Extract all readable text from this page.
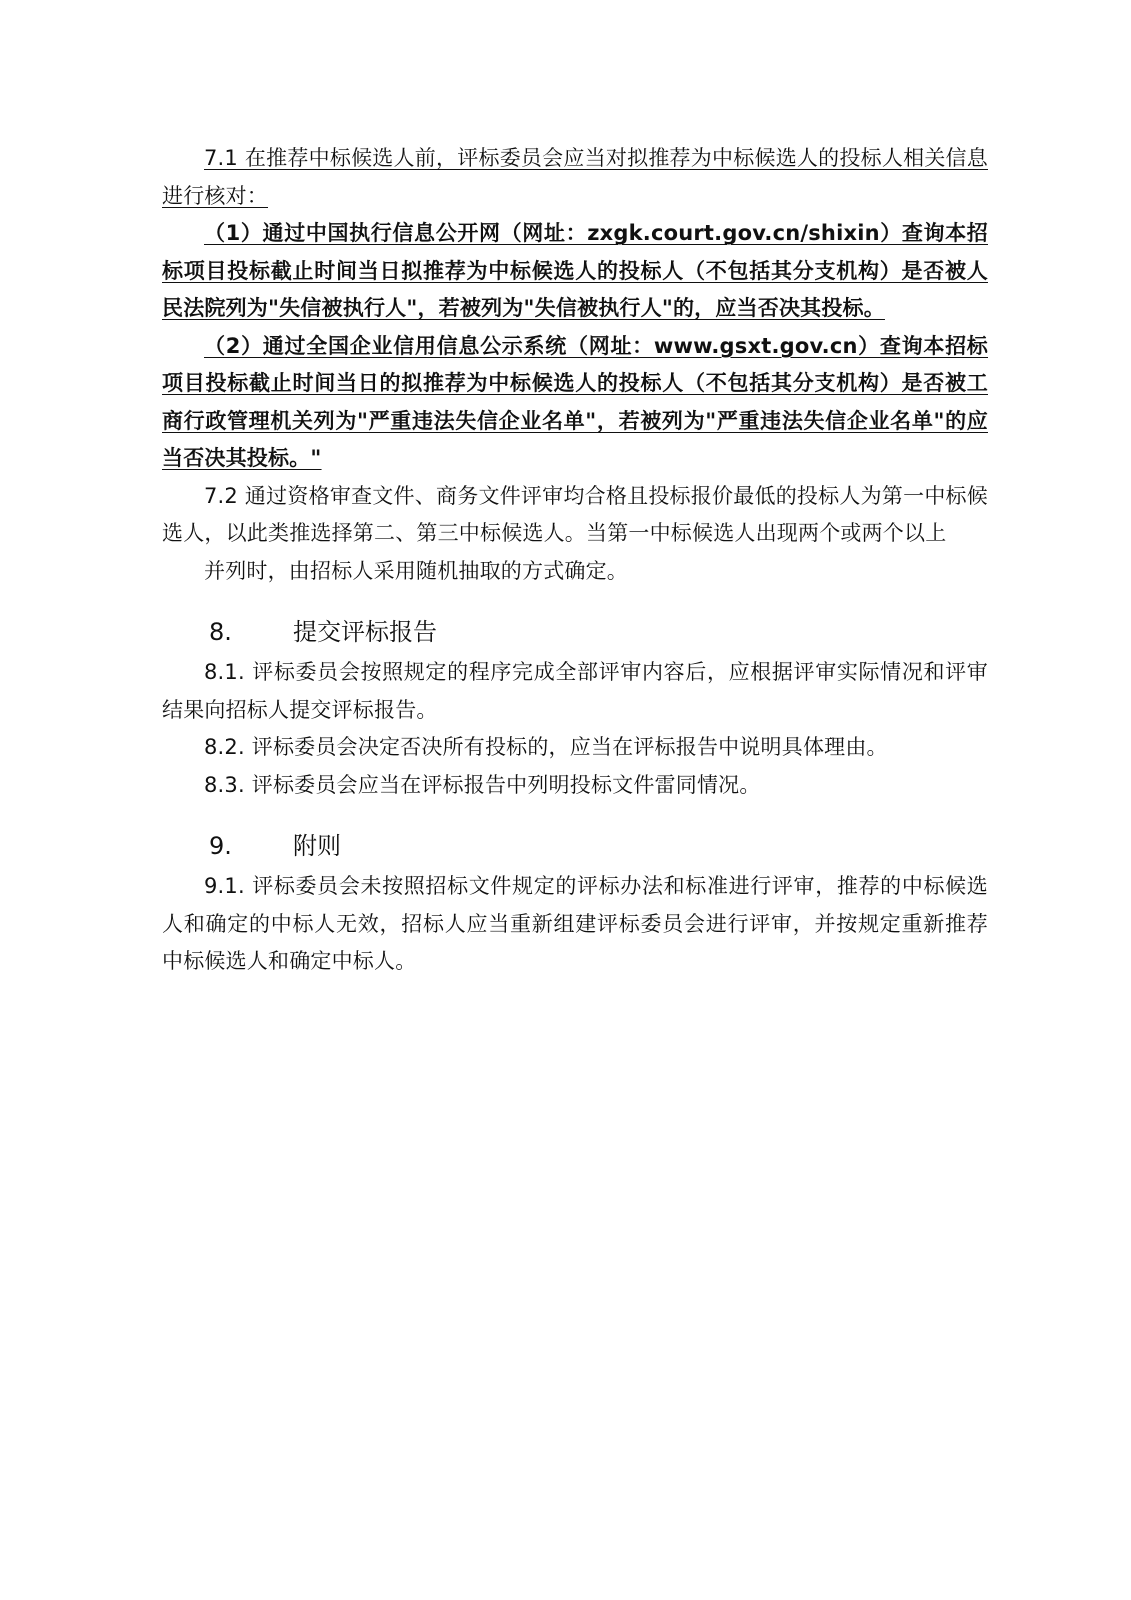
7.1 在推荐中标候选人前，评标委员会应当对拟推荐为中标候选人的投标人相关信息进行核对：

（1）通过中国执行信息公开网（网址：zxgk.court.gov.cn/shixin）查询本招标项目投标截止时间当日拟推荐为中标候选人的投标人（不包括其分支机构）是否被人民法院列为"失信被执行人"，若被列为"失信被执行人"的，应当否决其投标。

（2）通过全国企业信用信息公示系统（网址：www.gsxt.gov.cn）查询本招标项目投标截止时间当日的拟推荐为中标候选人的投标人（不包括其分支机构）是否被工商行政管理机关列为"严重违法失信企业名单"，若被列为"严重违法失信企业名单"的应当否决其投标。"

7.2 通过资格审查文件、商务文件评审均合格且投标报价最低的投标人为第一中标候选人，以此类推选择第二、第三中标候选人。当第一中标候选人出现两个或两个以上

并列时，由招标人采用随机抽取的方式确定。

8.	提交评标报告

8.1. 评标委员会按照规定的程序完成全部评审内容后，应根据评审实际情况和评审结果向招标人提交评标报告。

8.2. 评标委员会决定否决所有投标的，应当在评标报告中说明具体理由。

8.3. 评标委员会应当在评标报告中列明投标文件雷同情况。

9.	附则

9.1. 评标委员会未按照招标文件规定的评标办法和标准进行评审，推荐的中标候选人和确定的中标人无效，招标人应当重新组建评标委员会进行评审，并按规定重新推荐中标候选人和确定中标人。
